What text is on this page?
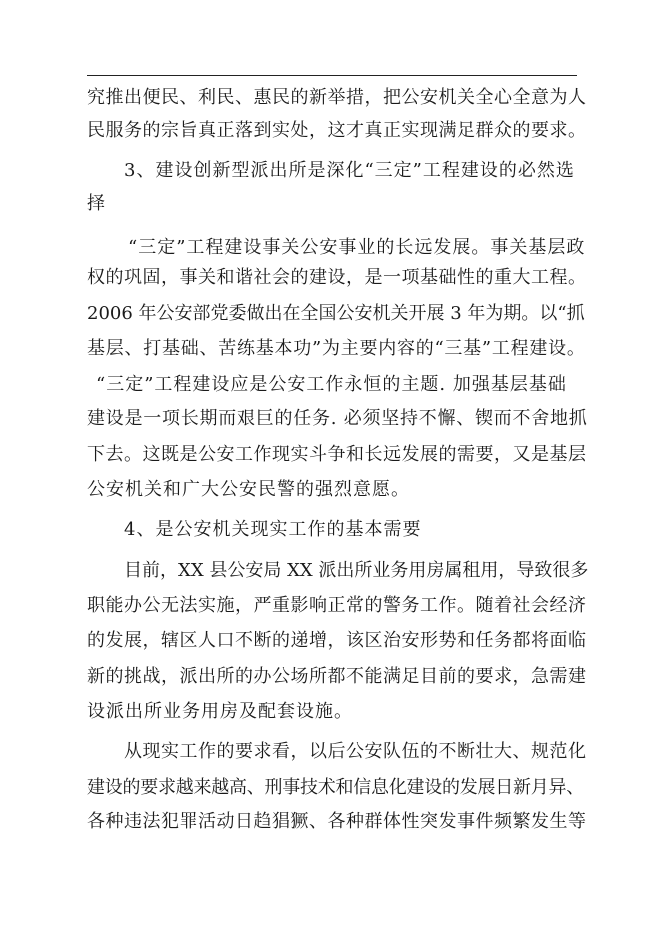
究推出便民、利民、惠民的新举措，把公安机关全心全意为人
民服务的宗旨真正落到实处，这才真正实现满足群众的要求。
3、建设创新型派出所是深化“三定”工程建设的必然选
择
“三定”工程建设事关公安事业的长远发展。事关基层政
权的巩固，事关和谐社会的建设，是一项基础性的重大工程。
2006 年公安部党委做出在全国公安机关开展 3 年为期。以“抓
基层、打基础、苦练基本功”为主要内容的“三基”工程建设。
“三定”工程建设应是公安工作永恒的主题. 加强基层基础
建设是一项长期而艰巨的任务. 必须坚持不懈、锲而不舍地抓
下去。这既是公安工作现实斗争和长远发展的需要，又是基层
公安机关和广大公安民警的强烈意愿。
4、是公安机关现实工作的基本需要
目前，XX 县公安局 XX 派出所业务用房属租用，导致很多
职能办公无法实施，严重影响正常的警务工作。随着社会经济
的发展，辖区人口不断的递增，该区治安形势和任务都将面临
新的挑战，派出所的办公场所都不能满足目前的要求，急需建
设派出所业务用房及配套设施。
从现实工作的要求看，以后公安队伍的不断壮大、规范化
建设的要求越来越高、刑事技术和信息化建设的发展日新月异、
各种违法犯罪活动日趋猖獗、各种群体性突发事件频繁发生等
